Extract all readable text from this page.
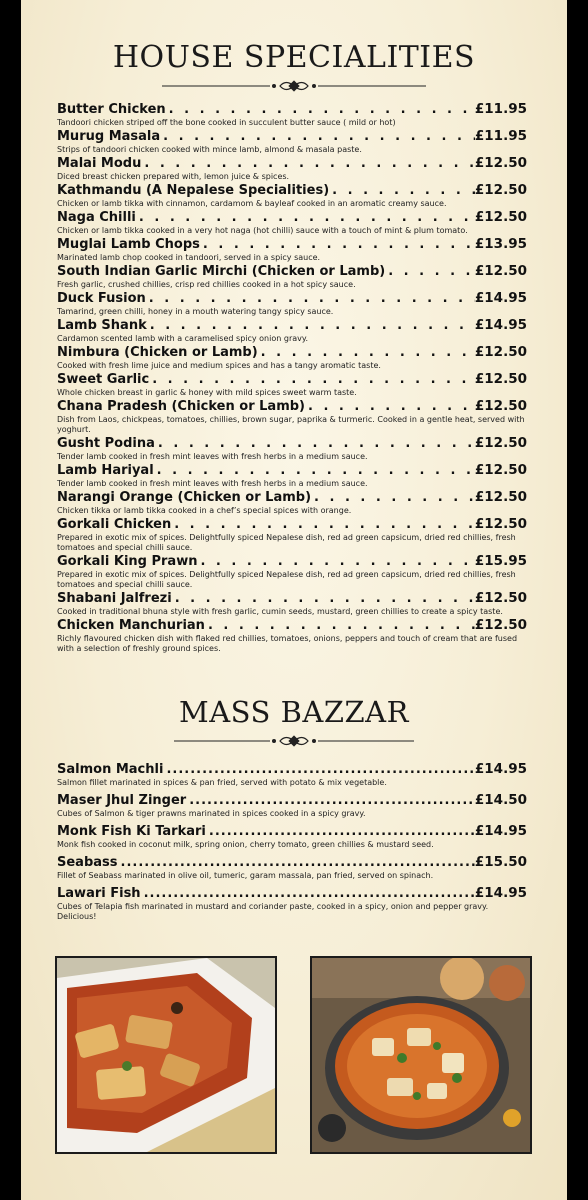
HOUSE SPECIALITIES
Butter Chicken . . .	£11.95
Tandoori chicken striped off the bone cooked in succulent butter sauce ( mild or hot)
Murug Masala . . .	£11.95
Strips of tandoori chicken cooked with mince lamb, almond & masala paste.
Malai Modu . . .	£12.50
Diced breast chicken prepared with, lemon juice & spices.
Kathmandu (A Nepalese Specialities) . . .	£12.50
Chicken or lamb tikka with cinnamon, cardamom & bayleaf cooked in an aromatic creamy sauce.
Naga Chilli . . .	£12.50
Chicken or lamb tikka cooked in a very hot naga (hot chilli) sauce with a touch of mint & plum tomato.
Muglai Lamb Chops . . .	£13.95
Marinated lamb chop cooked in tandoori, served in a spicy sauce.
South Indian Garlic Mirchi (Chicken or Lamb) . . .	£12.50
Fresh garlic, crushed chillies, crisp red chillies cooked in a hot spicy sauce.
Duck Fusion . . .	£14.95
Tamarind, green chilli, honey in a mouth watering tangy spicy sauce.
Lamb Shank . . .	£14.95
Cardamon scented lamb with a caramelised spicy onion gravy.
Nimbura (Chicken or Lamb) . . .	£12.50
Cooked with fresh lime juice and medium spices and has a tangy aromatic taste.
Sweet Garlic . . .	£12.50
Whole chicken breast in garlic & honey with mild spices sweet warm taste.
Chana Pradesh (Chicken or Lamb) . . .	£12.50
Dish from Laos, chickpeas, tomatoes, chillies, brown sugar, paprika & turmeric. Cooked in a gentle heat, served with yoghurt.
Gusht Podina . . .	£12.50
Tender lamb cooked in fresh mint leaves with fresh herbs in a medium sauce.
Lamb Hariyal . . .	£12.50
Tender lamb cooked in fresh mint leaves with fresh herbs in a medium sauce.
Narangi Orange (Chicken or Lamb) . . .	£12.50
Chicken tikka or lamb tikka cooked in a chef’s special spices with orange.
Gorkali Chicken . . .	£12.50
Prepared in exotic mix of spices. Delightfully spiced Nepalese dish, red ad green capsicum, dried red chillies, fresh tomatoes and special chilli sauce.
Gorkali King Prawn . . .	£15.95
Prepared in exotic mix of spices. Delightfully spiced Nepalese dish, red ad green capsicum, dried red chillies, fresh tomatoes and special chilli sauce.
Shabani Jalfrezi . . .	£12.50
Cooked in traditional bhuna style with fresh garlic, cumin seeds, mustard, green chillies to create a spicy taste.
Chicken Manchurian . . .	£12.50
Richly flavoured chicken dish with flaked red chillies, tomatoes, onions, peppers and touch of cream that are fused with a selection of freshly ground spices.
MASS BAZZAR
Salmon Machli .....	£14.95
Salmon fillet marinated in spices & pan fried, served with potato & mix vegetable.
Maser Jhul Zinger .....	£14.50
Cubes of Salmon & tiger prawns marinated in spices cooked in a spicy gravy.
Monk Fish Ki Tarkari .....	£14.95
Monk fish cooked in coconut milk, spring onion, cherry tomato, green chillies & mustard seed.
Seabass .....	£15.50
Fillet of Seabass marinated in olive oil, tumeric, garam massala, pan fried, served on spinach.
Lawari Fish .....	£14.95
Cubes of Telapia fish marinated in mustard and coriander paste, cooked in a spicy, onion and pepper gravy. Delicious!
